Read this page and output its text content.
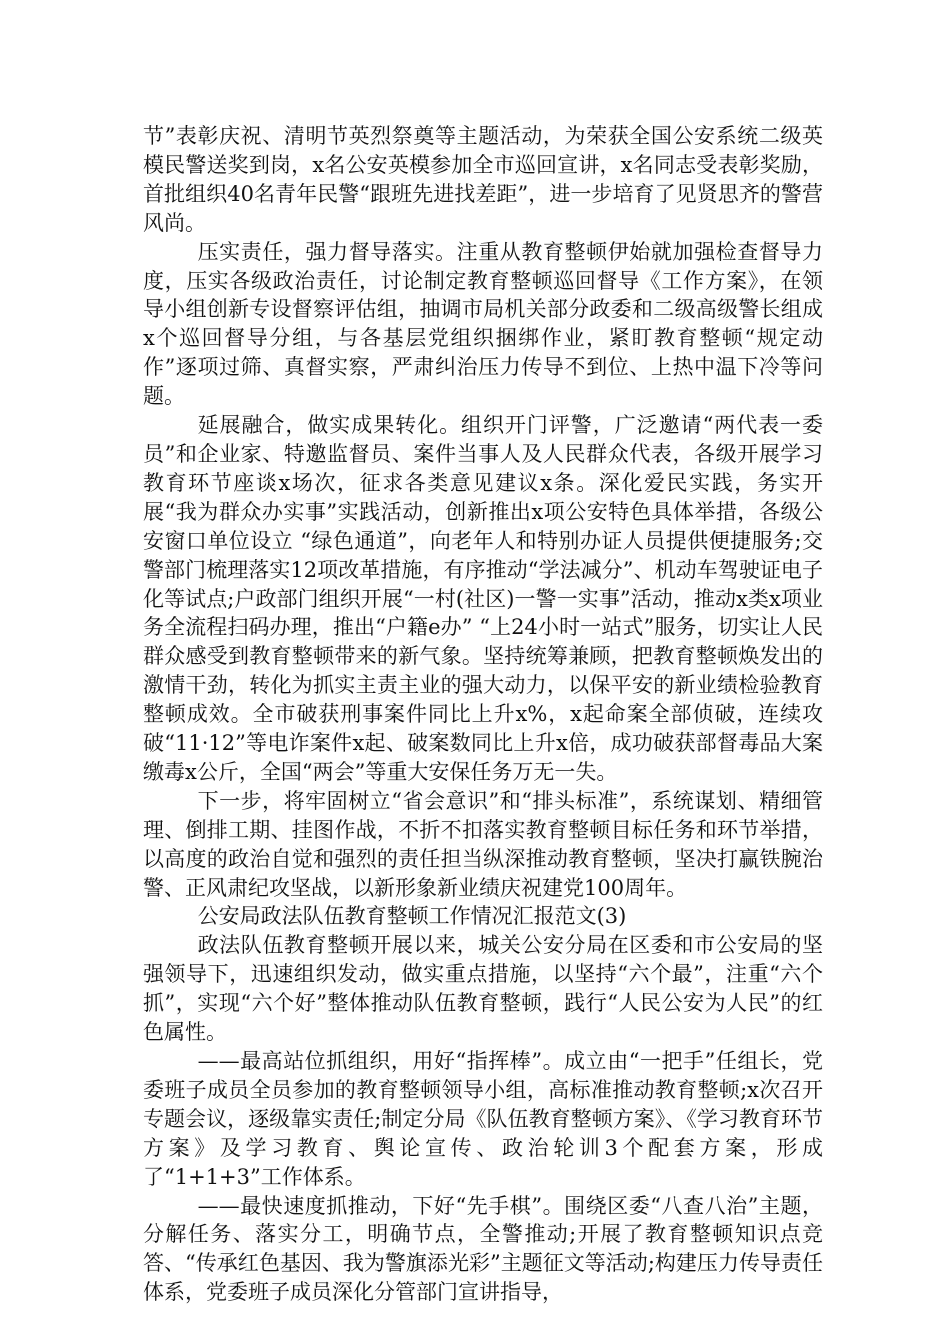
节”表彰庆祝、清明节英烈祭奠等主题活动，为荣获全国公安系统二级英模民警送奖到岗，x名公安英模参加全市巡回宣讲，x名同志受表彰奖励，首批组织40名青年民警“跟班先进找差距”，进一步培育了见贤思齐的警营风尚。

压实责任，强力督导落实。注重从教育整顿伊始就加强检查督导力度，压实各级政治责任，讨论制定教育整顿巡回督导《工作方案》，在领导小组创新专设督察评估组，抽调市局机关部分政委和二级高级警长组成x个巡回督导分组，与各基层党组织捆绑作业，紧盯教育整顿“规定动作”逐项过筛、真督实察，严肃纠治压力传导不到位、上热中温下冷等问题。

延展融合，做实成果转化。组织开门评警，广泛邀请“两代表一委员”和企业家、特邀监督员、案件当事人及人民群众代表，各级开展学习教育环节座谈x场次，征求各类意见建议x条。深化爱民实践，务实开展“我为群众办实事”实践活动，创新推出x项公安特色具体举措，各级公安窗口单位设立 “绿色通道”，向老年人和特别办证人员提供便捷服务;交警部门梳理落实12项改革措施，有序推动“学法减分”、机动车驾驶证电子化等试点;户政部门组织开展“一村(社区)一警一实事”活动，推动x类x项业务全流程扫码办理，推出“户籍e办” “上24小时一站式”服务，切实让人民群众感受到教育整顿带来的新气象。坚持统筹兼顾，把教育整顿焕发出的激情干劲，转化为抓实主责主业的强大动力，以保平安的新业绩检验教育整顿成效。全市破获刑事案件同比上升x%，x起命案全部侦破，连续攻破“11·12”等电诈案件x起、破案数同比上升x倍，成功破获部督毒品大案缴毒x公斤，全国“两会”等重大安保任务万无一失。

下一步，将牢固树立“省会意识”和“排头标准”，系统谋划、精细管理、倒排工期、挂图作战，不折不扣落实教育整顿目标任务和环节举措，以高度的政治自觉和强烈的责任担当纵深推动教育整顿，坚决打赢铁腕治警、正风肃纪攻坚战，以新形象新业绩庆祝建党100周年。

公安局政法队伍教育整顿工作情况汇报范文(3)

政法队伍教育整顿开展以来，城关公安分局在区委和市公安局的坚强领导下，迅速组织发动，做实重点措施，以坚持“六个最”，注重“六个抓”，实现“六个好”整体推动队伍教育整顿，践行“人民公安为人民”的红色属性。

——最高站位抓组织，用好“指挥棒”。成立由“一把手”任组长，党委班子成员全员参加的教育整顿领导小组，高标准推动教育整顿;x次召开专题会议，逐级靠实责任;制定分局《队伍教育整顿方案》、《学习教育环节方案》及学习教育、舆论宣传、政治轮训3个配套方案，形成了“1+1+3”工作体系。

——最快速度抓推动，下好“先手棋”。围绕区委“八查八治”主题，分解任务、落实分工，明确节点，全警推动;开展了教育整顿知识点竞答、“传承红色基因、我为警旗添光彩”主题征文等活动;构建压力传导责任体系，党委班子成员深化分管部门宣讲指导，
